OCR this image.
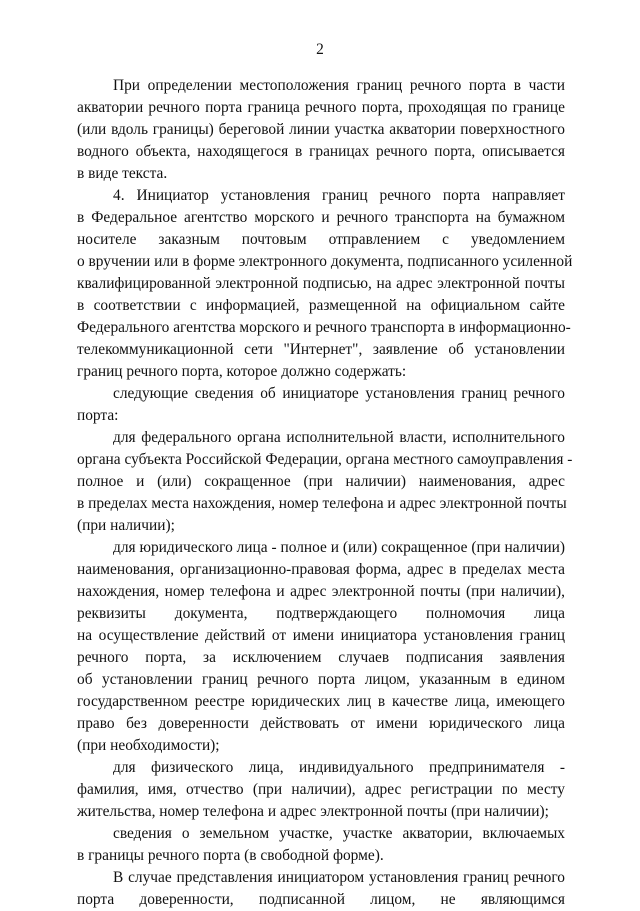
2
При определении местоположения границ речного порта в части
акватории речного порта граница речного порта, проходящая по границе
(или вдоль границы) береговой линии участка акватории поверхностного
водного объекта, находящегося в границах речного порта, описывается
в виде текста.
4. Инициатор установления границ речного порта направляет
в Федеральное агентство морского и речного транспорта на бумажном
носителе заказным почтовым отправлением с уведомлением
о вручении или в форме электронного документа, подписанного усиленной
квалифицированной электронной подписью, на адрес электронной почты
в соответствии с информацией, размещенной на официальном сайте
Федерального агентства морского и речного транспорта в информационно-
телекоммуникационной сети "Интернет", заявление об установлении
границ речного порта, которое должно содержать:
следующие сведения об инициаторе установления границ речного
порта:
для федерального органа исполнительной власти, исполнительного
органа субъекта Российской Федерации, органа местного самоуправления -
полное и (или) сокращенное (при наличии) наименования, адрес
в пределах места нахождения, номер телефона и адрес электронной почты
(при наличии);
для юридического лица - полное и (или) сокращенное (при наличии)
наименования, организационно-правовая форма, адрес в пределах места
нахождения, номер телефона и адрес электронной почты (при наличии),
реквизиты документа, подтверждающего полномочия лица
на осуществление действий от имени инициатора установления границ
речного порта, за исключением случаев подписания заявления
об установлении границ речного порта лицом, указанным в едином
государственном реестре юридических лиц в качестве лица, имеющего
право без доверенности действовать от имени юридического лица
(при необходимости);
для физического лица, индивидуального предпринимателя -
фамилия, имя, отчество (при наличии), адрес регистрации по месту
жительства, номер телефона и адрес электронной почты (при наличии);
сведения о земельном участке, участке акватории, включаемых
в границы речного порта (в свободной форме).
В случае представления инициатором установления границ речного
порта доверенности, подписанной лицом, не являющимся
